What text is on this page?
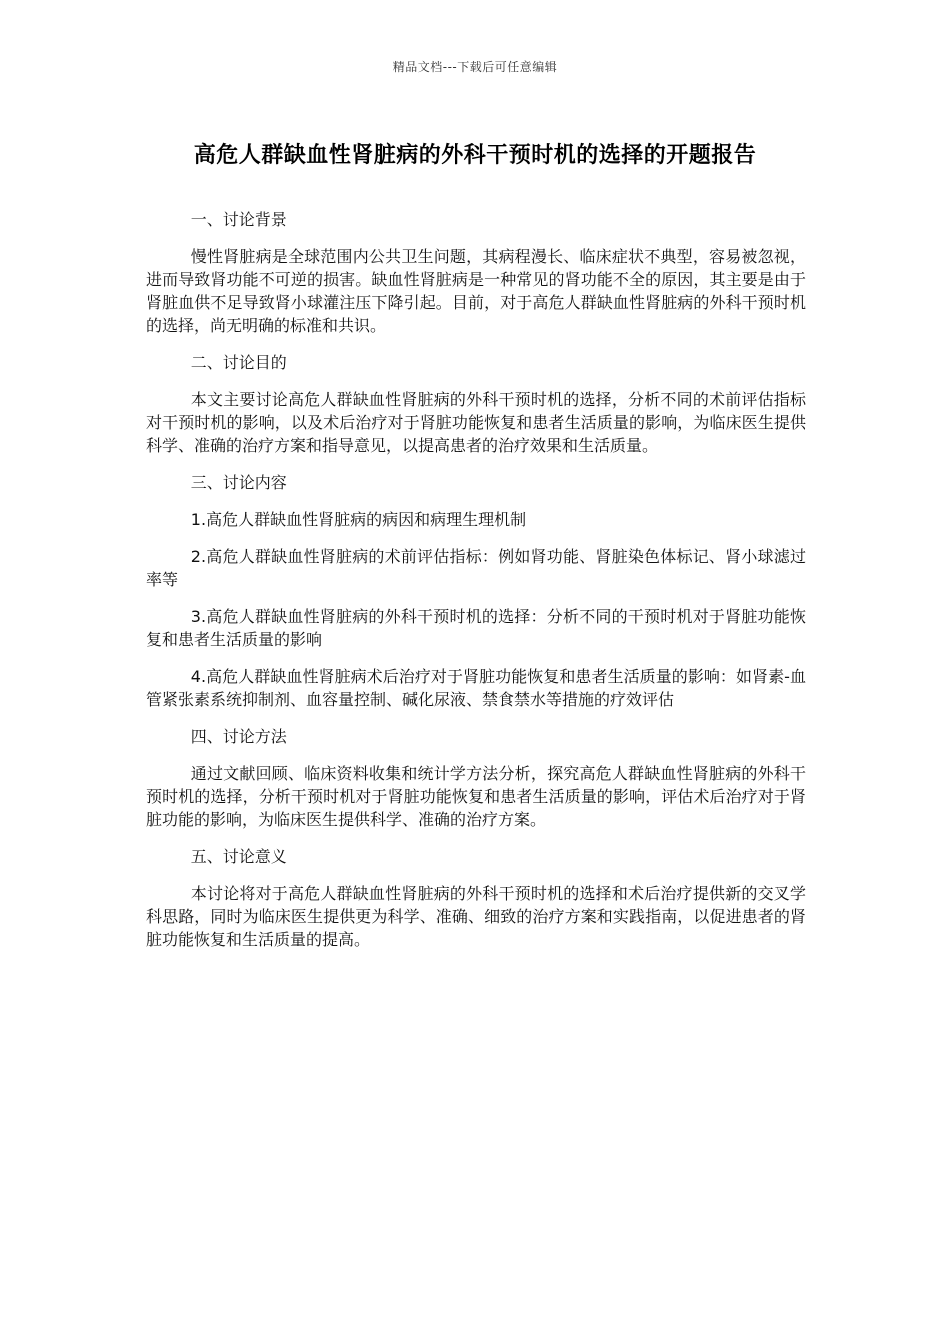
精品文档---下载后可任意编辑
高危人群缺血性肾脏病的外科干预时机的选择的开题报告

一、讨论背景

慢性肾脏病是全球范围内公共卫生问题，其病程漫长、临床症状不典型，容易被忽视，进而导致肾功能不可逆的损害。缺血性肾脏病是一种常见的肾功能不全的原因，其主要是由于肾脏血供不足导致肾小球灌注压下降引起。目前，对于高危人群缺血性肾脏病的外科干预时机的选择，尚无明确的标准和共识。

二、讨论目的

本文主要讨论高危人群缺血性肾脏病的外科干预时机的选择，分析不同的术前评估指标对干预时机的影响，以及术后治疗对于肾脏功能恢复和患者生活质量的影响，为临床医生提供科学、准确的治疗方案和指导意见，以提高患者的治疗效果和生活质量。

三、讨论内容

1.高危人群缺血性肾脏病的病因和病理生理机制

2.高危人群缺血性肾脏病的术前评估指标：例如肾功能、肾脏染色体标记、肾小球滤过率等

3.高危人群缺血性肾脏病的外科干预时机的选择：分析不同的干预时机对于肾脏功能恢复和患者生活质量的影响

4.高危人群缺血性肾脏病术后治疗对于肾脏功能恢复和患者生活质量的影响：如肾素-血管紧张素系统抑制剂、血容量控制、碱化尿液、禁食禁水等措施的疗效评估

四、讨论方法

通过文献回顾、临床资料收集和统计学方法分析，探究高危人群缺血性肾脏病的外科干预时机的选择，分析干预时机对于肾脏功能恢复和患者生活质量的影响，评估术后治疗对于肾脏功能的影响，为临床医生提供科学、准确的治疗方案。

五、讨论意义

本讨论将对于高危人群缺血性肾脏病的外科干预时机的选择和术后治疗提供新的交叉学科思路，同时为临床医生提供更为科学、准确、细致的治疗方案和实践指南，以促进患者的肾脏功能恢复和生活质量的提高。
